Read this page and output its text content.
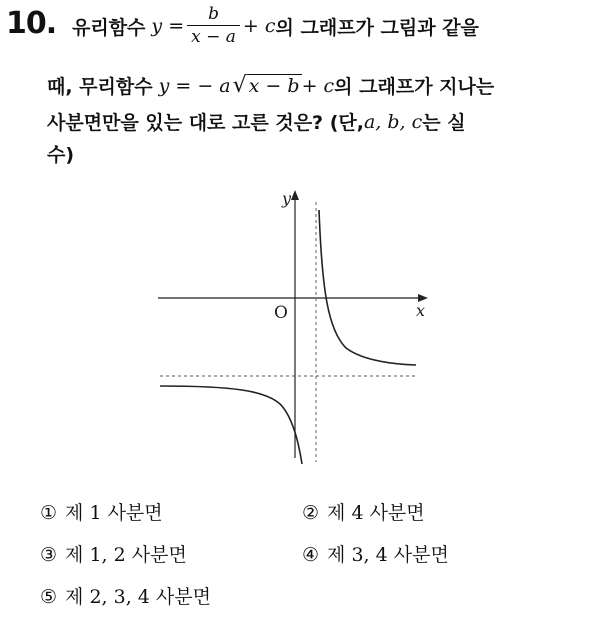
10. 유리함수 $y = \frac{b}{x - a} + c$ 의 그래프가 그림과 같을
때, 무리함수 y = − a √ x − b + c 의 그래프가 지나는
사분면만을 있는 대로 고른 것은? (단, a, b, c 는 실
수)
y
x
O
① 제 1 사분면	② 제 4 사분면
③ 제 1, 2 사분면	④ 제 3, 4 사분면
⑤ 제 2, 3, 4 사분면
